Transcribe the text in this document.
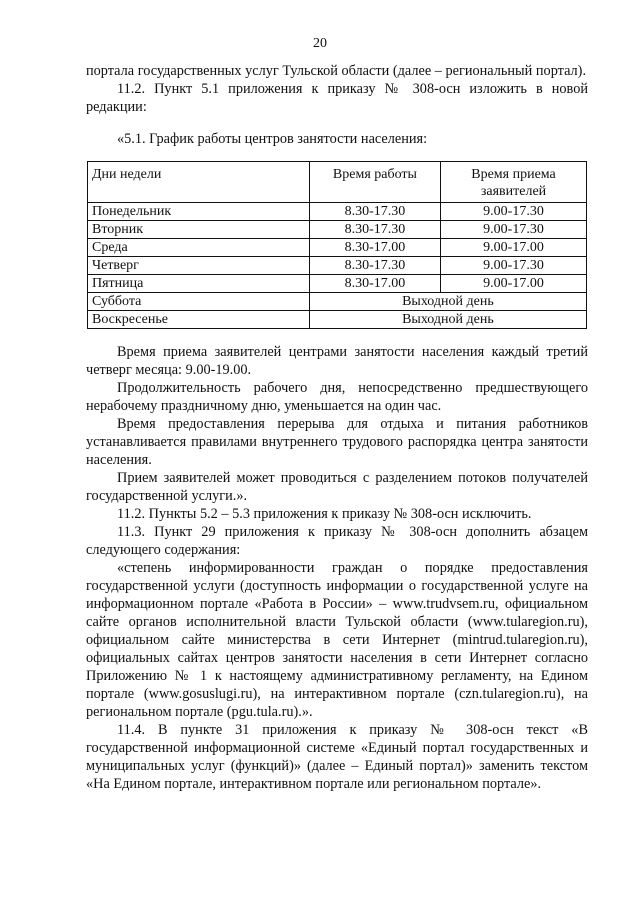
20

портала государственных услуг Тульской области (далее – региональный портал).

11.2. Пункт 5.1 приложения к приказу № 308-осн изложить в новой редакции:

«5.1. График работы центров занятости населения:

Дни недели	Время работы	Время приема заявителей
Понедельник	8.30-17.30	9.00-17.30
Вторник	8.30-17.30	9.00-17.30
Среда	8.30-17.00	9.00-17.00
Четверг	8.30-17.30	9.00-17.30
Пятница	8.30-17.00	9.00-17.00
Суббота	Выходной день	
Воскресенье	Выходной день	

Время приема заявителей центрами занятости населения каждый третий четверг месяца: 9.00-19.00.

Продолжительность рабочего дня, непосредственно предшествующего нерабочему праздничному дню, уменьшается на один час.

Время предоставления перерыва для отдыха и питания работников устанавливается правилами внутреннего трудового распорядка центра занятости населения.

Прием заявителей может проводиться с разделением потоков получателей государственной услуги.».

11.2. Пункты 5.2 – 5.3 приложения к приказу № 308-осн исключить.

11.3. Пункт 29 приложения к приказу № 308-осн дополнить абзацем следующего содержания:

«степень информированности граждан о порядке предоставления государственной услуги (доступность информации о государственной услуге на информационном портале «Работа в России» – www.trudvsem.ru, официальном сайте органов исполнительной власти Тульской области (www.tularegion.ru), официальном сайте министерства в сети Интернет (mintrud.tularegion.ru), официальных сайтах центров занятости населения в сети Интернет согласно Приложению № 1 к настоящему административному регламенту, на Едином портале (www.gosuslugi.ru), на интерактивном портале (czn.tularegion.ru), на региональном портале (pgu.tula.ru).».

11.4. В пункте 31 приложения к приказу № 308-осн текст «В государственной информационной системе «Единый портал государственных и муниципальных услуг (функций)» (далее – Единый портал)» заменить текстом «На Едином портале, интерактивном портале или региональном портале».
